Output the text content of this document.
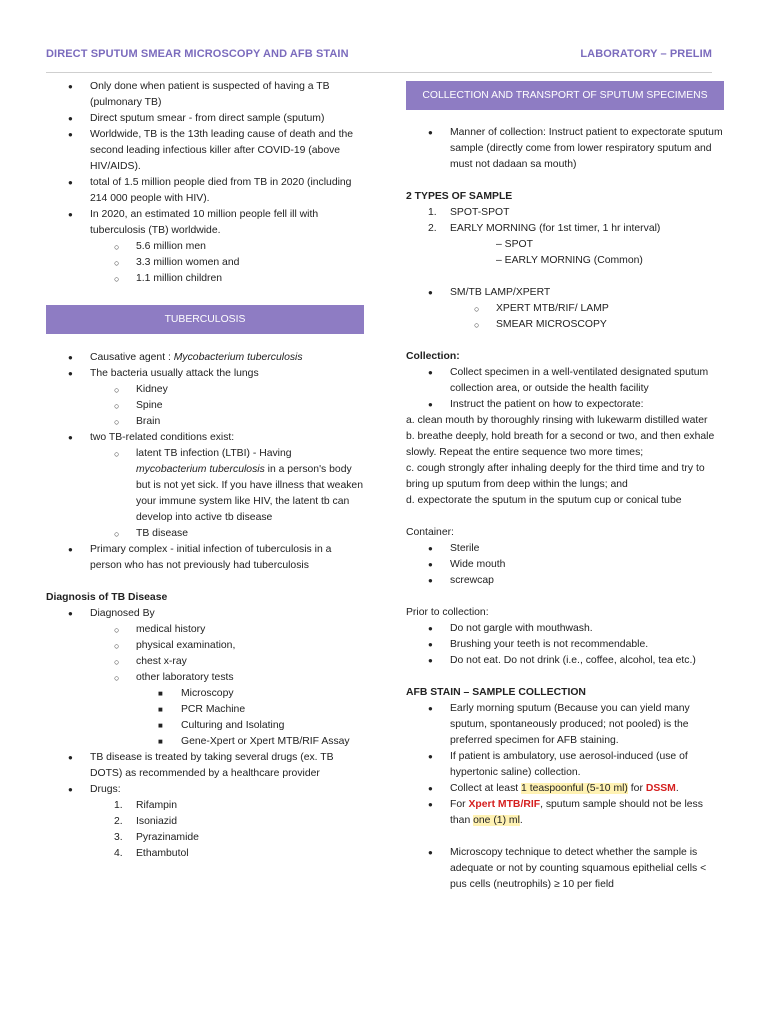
DIRECT SPUTUM SMEAR MICROSCOPY AND AFB STAIN	LABORATORY – PRELIM
● Only done when patient is suspected of having a TB (pulmonary TB)
● Direct sputum smear - from direct sample (sputum)
● Worldwide, TB is the 13th leading cause of death and the second leading infectious killer after COVID-19 (above HIV/AIDS).
● total of 1.5 million people died from TB in 2020 (including 214 000 people with HIV).
● In 2020, an estimated 10 million people fell ill with tuberculosis (TB) worldwide.
○ 5.6 million men
○ 3.3 million women and
○ 1.1 million children
TUBERCULOSIS
● Causative agent : Mycobacterium tuberculosis
● The bacteria usually attack the lungs
○ Kidney
○ Spine
○ Brain
● two TB-related conditions exist:
○ latent TB infection (LTBI) - Having mycobacterium tuberculosis in a person's body but is not yet sick. If you have illness that weaken your immune system like HIV, the latent tb can develop into active tb disease
○ TB disease
● Primary complex - initial infection of tuberculosis in a person who has not previously had tuberculosis
Diagnosis of TB Disease
● Diagnosed By
○ medical history
○ physical examination,
○ chest x-ray
○ other laboratory tests
■ Microscopy
■ PCR Machine
■ Culturing and Isolating
■ Gene-Xpert or Xpert MTB/RIF Assay
● TB disease is treated by taking several drugs (ex. TB DOTS) as recommended by a healthcare provider
● Drugs:
1. Rifampin
2. Isoniazid
3. Pyrazinamide
4. Ethambutol
COLLECTION AND TRANSPORT OF SPUTUM SPECIMENS
● Manner of collection: Instruct patient to expectorate sputum sample (directly come from lower respiratory sputum and must not dadaan sa mouth)
2 TYPES OF SAMPLE
1. SPOT-SPOT
2. EARLY MORNING (for 1st timer, 1 hr interval)
– SPOT
– EARLY MORNING (Common)
● SM/TB LAMP/XPERT
○ XPERT MTB/RIF/ LAMP
○ SMEAR MICROSCOPY
Collection:
● Collect specimen in a well-ventilated designated sputum collection area, or outside the health facility
● Instruct the patient on how to expectorate:
a. clean mouth by thoroughly rinsing with lukewarm distilled water
b. breathe deeply, hold breath for a second or two, and then exhale slowly. Repeat the entire sequence two more times;
c. cough strongly after inhaling deeply for the third time and try to bring up sputum from deep within the lungs; and
d. expectorate the sputum in the sputum cup or conical tube
Container:
● Sterile
● Wide mouth
● screwcap
Prior to collection:
● Do not gargle with mouthwash.
● Brushing your teeth is not recommendable.
● Do not eat. Do not drink (i.e., coffee, alcohol, tea etc.)
AFB STAIN – SAMPLE COLLECTION
● Early morning sputum (Because you can yield many sputum, spontaneously produced; not pooled) is the preferred specimen for AFB staining.
● If patient is ambulatory, use aerosol-induced (use of hypertonic saline) collection.
● Collect at least 1 teaspoonful (5-10 ml) for DSSM.
● For Xpert MTB/RIF, sputum sample should not be less than one (1) ml.
● Microscopy technique to detect whether the sample is adequate or not by counting squamous epithelial cells < pus cells (neutrophils) ≥ 10 per field
